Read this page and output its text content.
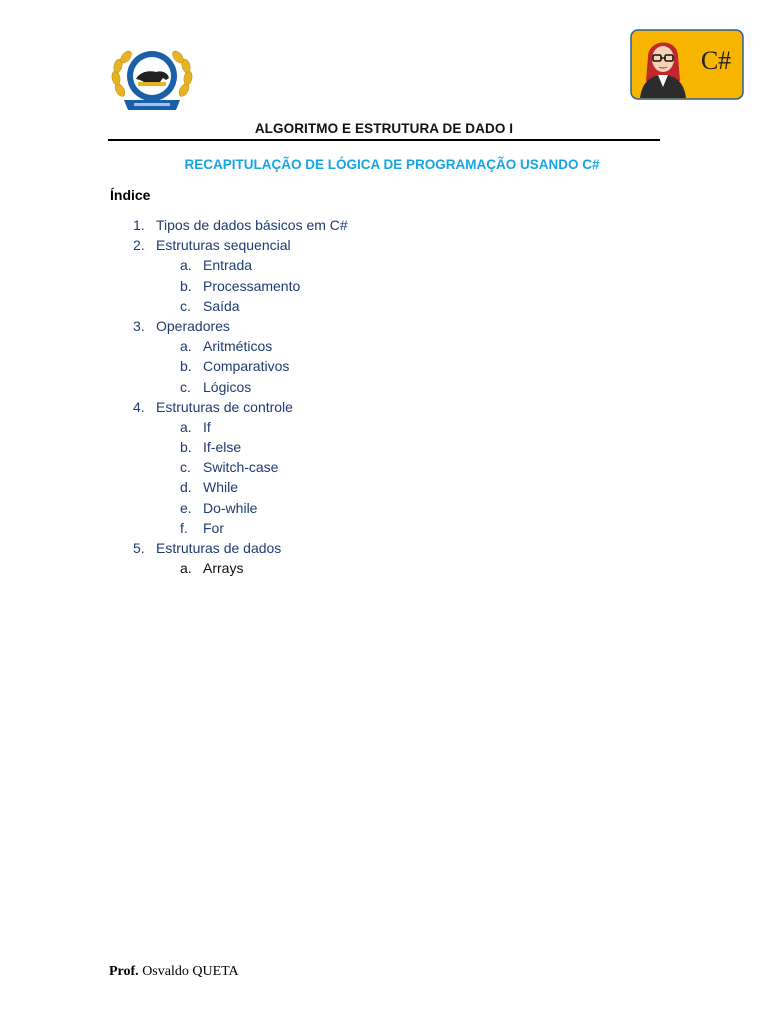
C#
ALGORITMO E ESTRUTURA DE DADO I
RECAPITULAÇÃO DE LÓGICA DE PROGRAMAÇÃO USANDO C#
Índice
1. Tipos de dados básicos em C#
2. Estruturas sequencial
a. Entrada
b. Processamento
c. Saída
3. Operadores
a. Aritméticos
b. Comparativos
c. Lógicos
4. Estruturas de controle
a. If
b. If-else
c. Switch-case
d. While
e. Do-while
f. For
5. Estruturas de dados
a. Arrays
Prof. Osvaldo QUETA
